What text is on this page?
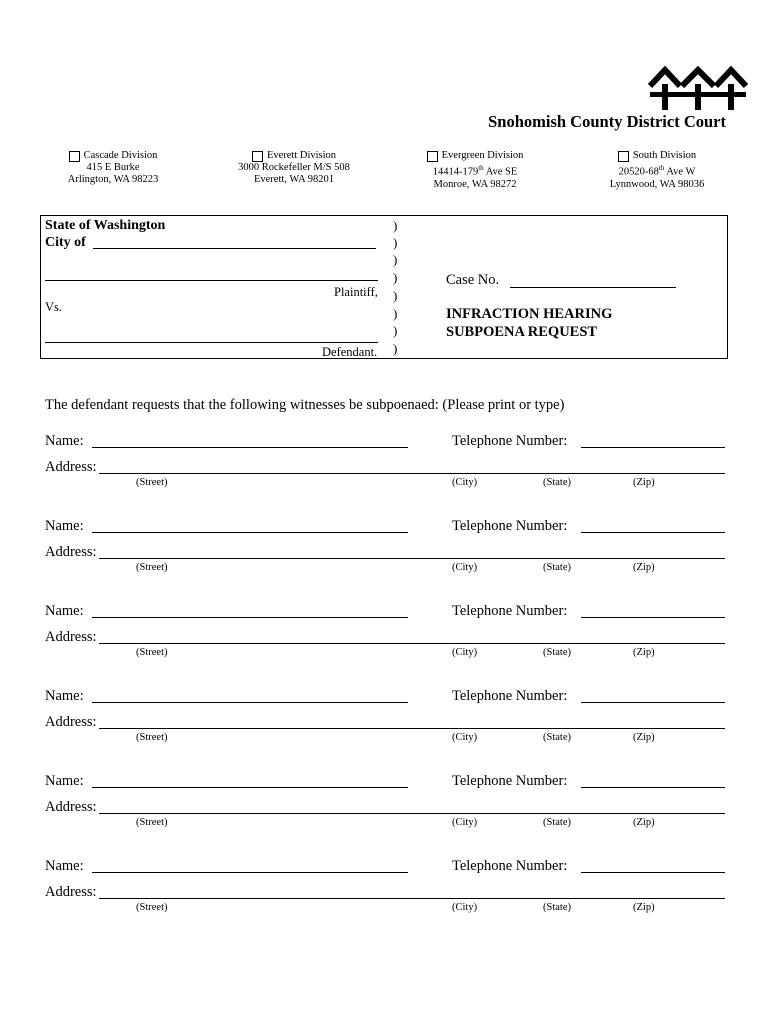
Snohomish County District Court
Cascade Division
415 E Burke
Arlington, WA 98223
Everett Division
3000 Rockefeller M/S 508
Everett, WA 98201
Evergreen Division
14414-179th Ave SE
Monroe, WA 98272
South Division
20520-68th Ave W
Lynnwood, WA 98036
State of Washington
City of
Plaintiff,
Vs.
Defendant.
)
)
)
)
)
)
)
)
Case No.
INFRACTION HEARING
SUBPOENA REQUEST
The defendant requests that the following witnesses be subpoenaed: (Please print or type)
Name:	Telephone Number:
Address:
(Street)	(City)	(State)	(Zip)
Name:	Telephone Number:
Address:
(Street)	(City)	(State)	(Zip)
Name:	Telephone Number:
Address:
(Street)	(City)	(State)	(Zip)
Name:	Telephone Number:
Address:
(Street)	(City)	(State)	(Zip)
Name:	Telephone Number:
Address:
(Street)	(City)	(State)	(Zip)
Name:	Telephone Number:
Address:
(Street)	(City)	(State)	(Zip)
